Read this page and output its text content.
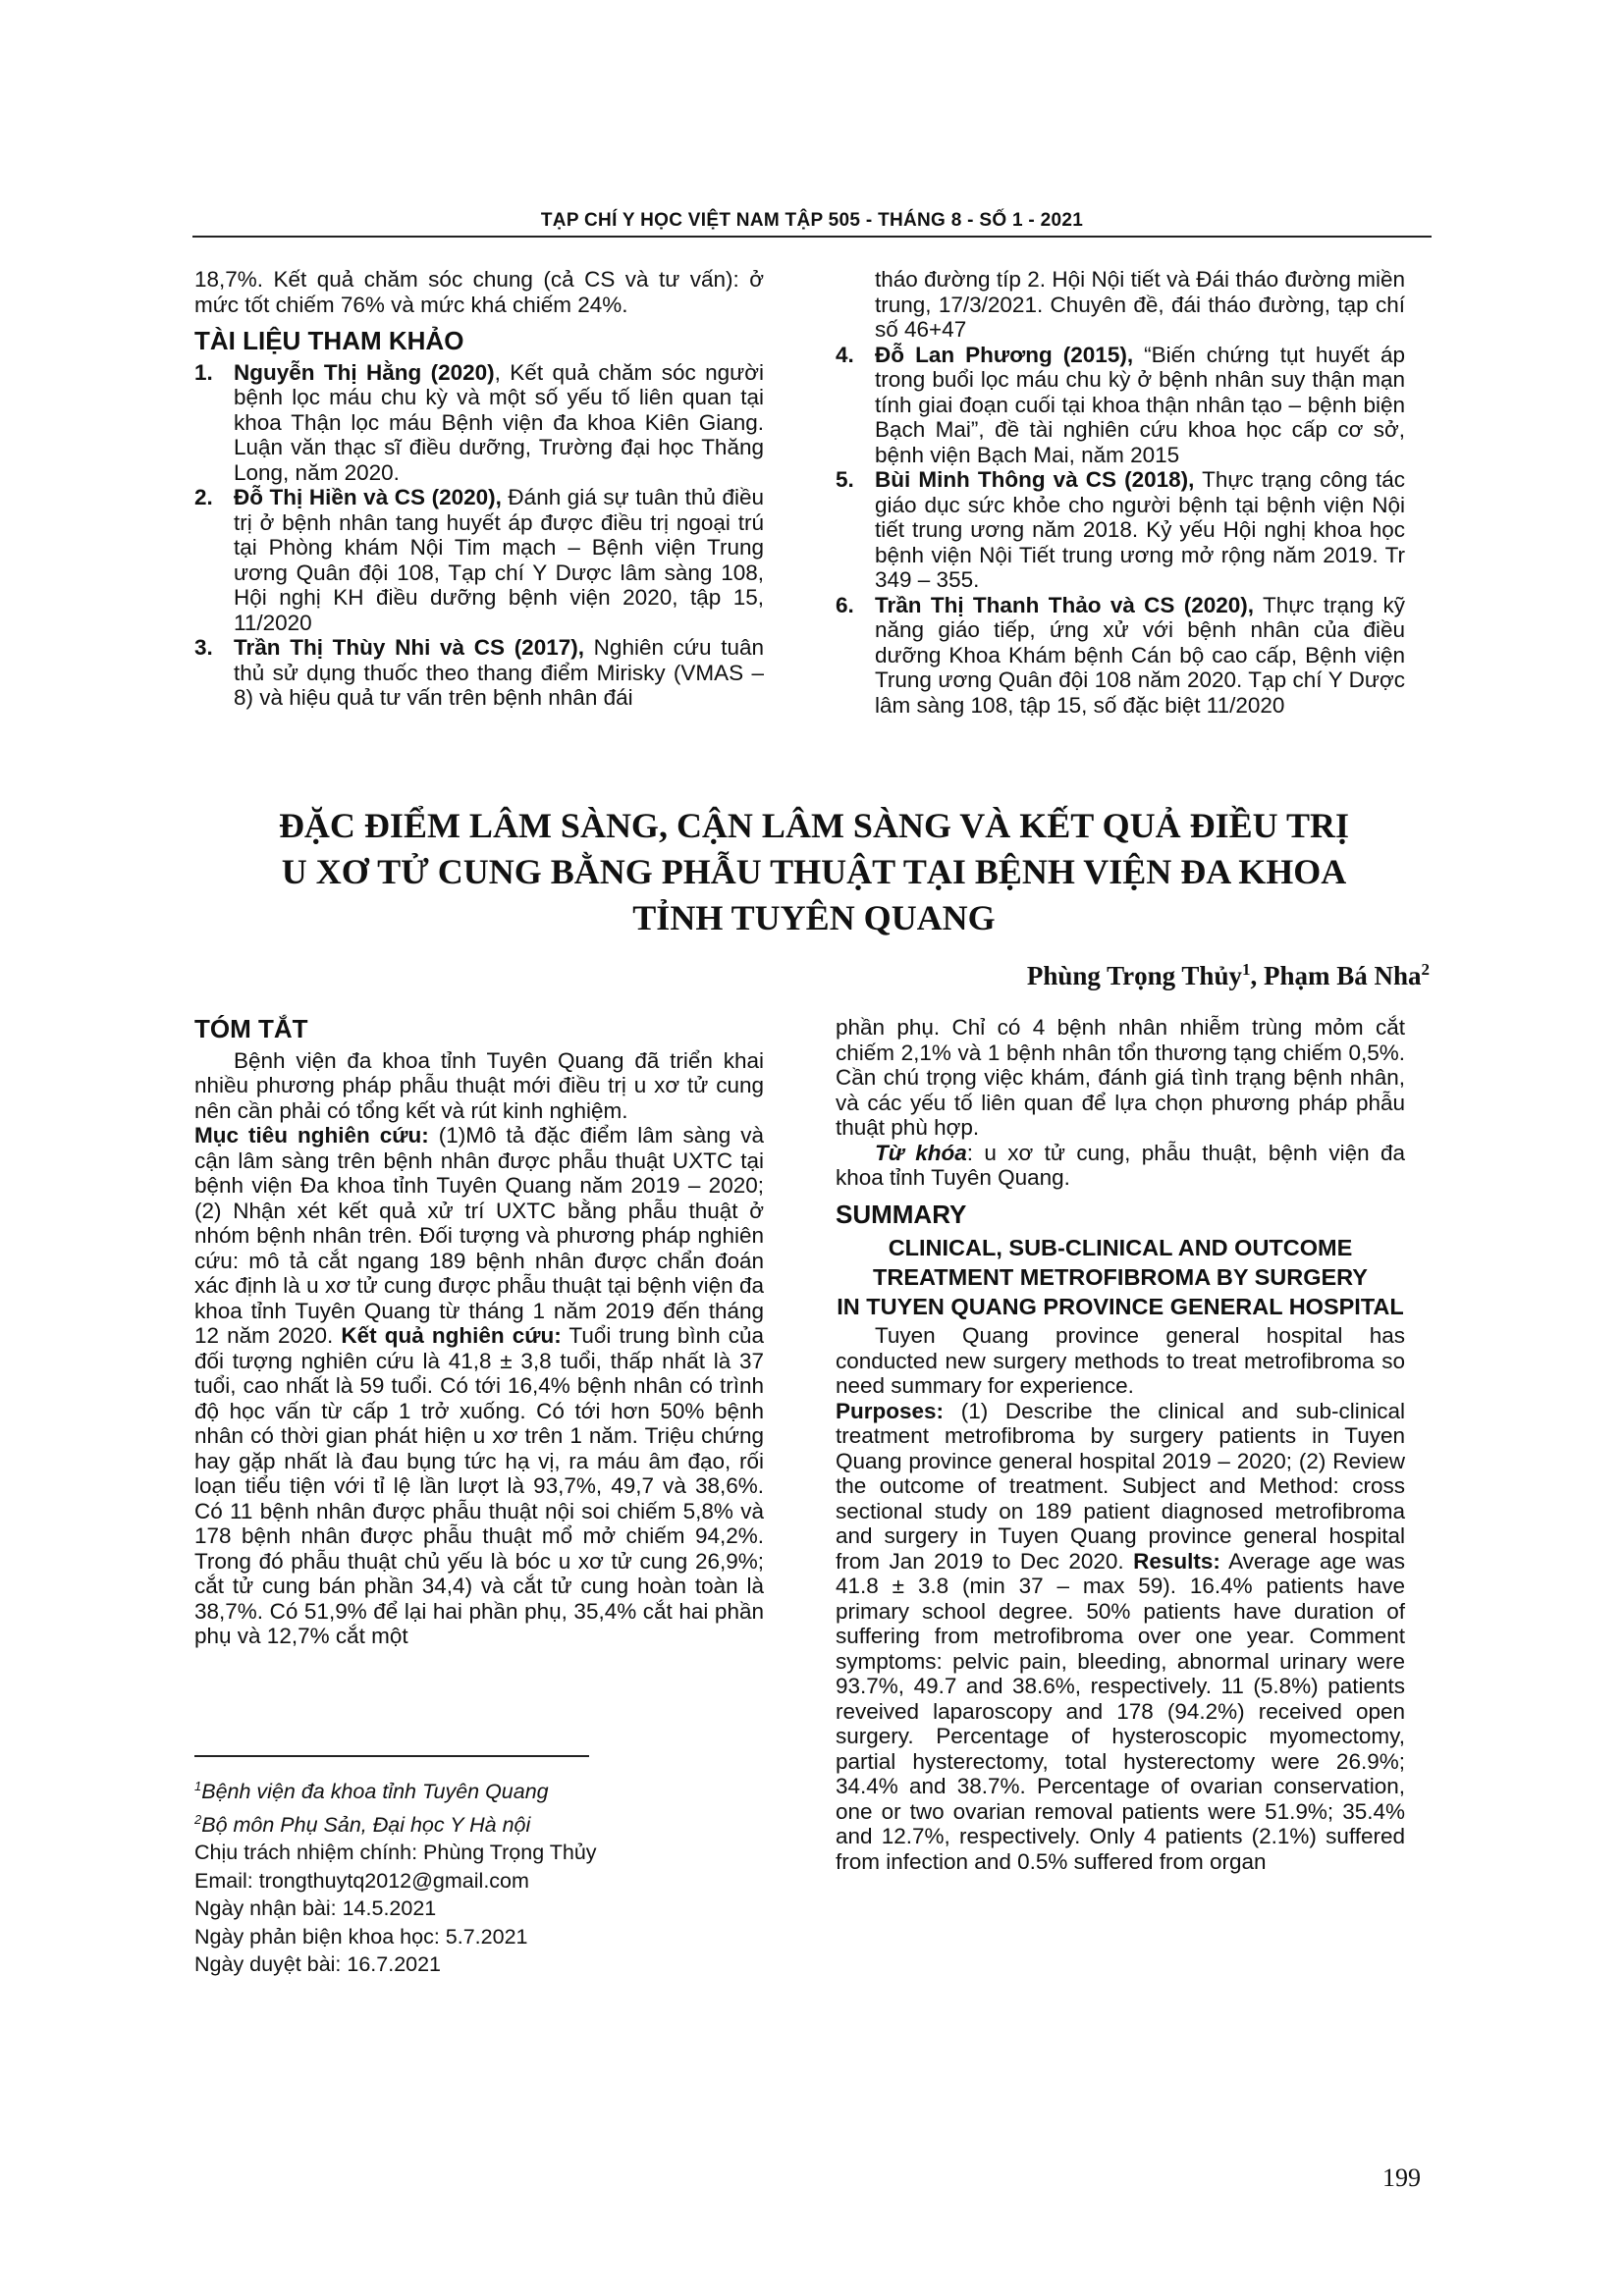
TẠP CHÍ Y HỌC VIỆT NAM TẬP 505 - THÁNG 8 - SỐ 1 - 2021

18,7%. Kết quả chăm sóc chung (cả CS và tư vấn): ở mức tốt chiếm 76% và mức khá chiếm 24%.

TÀI LIỆU THAM KHẢO

1. Nguyễn Thị Hằng (2020), Kết quả chăm sóc người bệnh lọc máu chu kỳ và một số yếu tố liên quan tại khoa Thận lọc máu Bệnh viện đa khoa Kiên Giang. Luận văn thạc sĩ điều dưỡng, Trường đại học Thăng Long, năm 2020.

2. Đỗ Thị Hiền và CS (2020), Đánh giá sự tuân thủ điều trị ở bệnh nhân tang huyết áp được điều trị ngoại trú tại Phòng khám Nội Tim mạch – Bệnh viện Trung ương Quân đội 108, Tạp chí Y Dược lâm sàng 108, Hội nghị KH điều dưỡng bệnh viện 2020, tập 15, 11/2020

3. Trần Thị Thùy Nhi và CS (2017), Nghiên cứu tuân thủ sử dụng thuốc theo thang điểm Mirisky (VMAS – 8) và hiệu quả tư vấn trên bệnh nhân đái

tháo đường típ 2. Hội Nội tiết và Đái tháo đường miền trung, 17/3/2021. Chuyên đề, đái tháo đường, tạp chí số 46+47

4. Đỗ Lan Phương (2015), “Biến chứng tụt huyết áp trong buổi lọc máu chu kỳ ở bệnh nhân suy thận mạn tính giai đoạn cuối tại khoa thận nhân tạo – bệnh biện Bạch Mai”, đề tài nghiên cứu khoa học cấp cơ sở, bệnh viện Bạch Mai, năm 2015

5. Bùi Minh Thông và CS (2018), Thực trạng công tác giáo dục sức khỏe cho người bệnh tại bệnh viện Nội tiết trung ương năm 2018. Kỷ yếu Hội nghị khoa học bệnh viện Nội Tiết trung ương mở rộng năm 2019. Tr 349 – 355.

6. Trần Thị Thanh Thảo và CS (2020), Thực trạng kỹ năng giáo tiếp, ứng xử với bệnh nhân của điều dưỡng Khoa Khám bệnh Cán bộ cao cấp, Bệnh viện Trung ương Quân đội 108 năm 2020. Tạp chí Y Dược lâm sàng 108, tập 15, số đặc biệt 11/2020

ĐẶC ĐIỂM LÂM SÀNG, CẬN LÂM SÀNG VÀ KẾT QUẢ ĐIỀU TRỊ
U XƠ TỬ CUNG BẰNG PHẪU THUẬT TẠI BỆNH VIỆN ĐA KHOA
TỈNH TUYÊN QUANG
Phùng Trọng Thủy$^1$, Phạm Bá Nha$^2$

TÓM TẮT

Bệnh viện đa khoa tỉnh Tuyên Quang đã triển khai nhiều phương pháp phẫu thuật mới điều trị u xơ tử cung nên cần phải có tổng kết và rút kinh nghiệm.

Mục tiêu nghiên cứu: (1)Mô tả đặc điểm lâm sàng và cận lâm sàng trên bệnh nhân được phẫu thuật UXTC tại bệnh viện Đa khoa tỉnh Tuyên Quang năm 2019 – 2020; (2) Nhận xét kết quả xử trí UXTC bằng phẫu thuật ở nhóm bệnh nhân trên. Đối tượng và phương pháp nghiên cứu: mô tả cắt ngang 189 bệnh nhân được chẩn đoán xác định là u xơ tử cung được phẫu thuật tại bệnh viện đa khoa tỉnh Tuyên Quang từ tháng 1 năm 2019 đến tháng 12 năm 2020. Kết quả nghiên cứu: Tuổi trung bình của đối tượng nghiên cứu là 41,8 ± 3,8 tuổi, thấp nhất là 37 tuổi, cao nhất là 59 tuổi. Có tới 16,4% bệnh nhân có trình độ học vấn từ cấp 1 trở xuống. Có tới hơn 50% bệnh nhân có thời gian phát hiện u xơ trên 1 năm. Triệu chứng hay gặp nhất là đau bụng tức hạ vị, ra máu âm đạo, rối loạn tiểu tiện với tỉ lệ lần lượt là 93,7%, 49,7 và 38,6%. Có 11 bệnh nhân được phẫu thuật nội soi chiếm 5,8% và 178 bệnh nhân được phẫu thuật mổ mở chiếm 94,2%. Trong đó phẫu thuật chủ yếu là bóc u xơ tử cung 26,9%; cắt tử cung bán phần 34,4) và cắt tử cung hoàn toàn là 38,7%. Có 51,9% để lại hai phần phụ, 35,4% cắt hai phần phụ và 12,7% cắt một

phần phụ. Chỉ có 4 bệnh nhân nhiễm trùng mỏm cắt chiếm 2,1% và 1 bệnh nhân tổn thương tạng chiếm 0,5%. Cần chú trọng việc khám, đánh giá tình trạng bệnh nhân, và các yếu tố liên quan để lựa chọn phương pháp phẫu thuật phù hợp.

Từ khóa: u xơ tử cung, phẫu thuật, bệnh viện đa khoa tỉnh Tuyên Quang.

SUMMARY

CLINICAL, SUB-CLINICAL AND OUTCOME
TREATMENT METROFIBROMA BY SURGERY
IN TUYEN QUANG PROVINCE GENERAL HOSPITAL

Tuyen Quang province general hospital has conducted new surgery methods to treat metrofibroma so need summary for experience.

Purposes: (1) Describe the clinical and sub-clinical treatment metrofibroma by surgery patients in Tuyen Quang province general hospital 2019 – 2020; (2) Review the outcome of treatment. Subject and Method: cross sectional study on 189 patient diagnosed metrofibroma and surgery in Tuyen Quang province general hospital from Jan 2019 to Dec 2020. Results: Average age was 41.8 ± 3.8 (min 37 – max 59). 16.4% patients have primary school degree. 50% patients have duration of suffering from metrofibroma over one year. Comment symptoms: pelvic pain, bleeding, abnormal urinary were 93.7%, 49.7 and 38.6%, respectively. 11 (5.8%) patients reveived laparoscopy and 178 (94.2%) received open surgery. Percentage of hysteroscopic myomectomy, partial hysterectomy, total hysterectomy were 26.9%; 34.4% and 38.7%. Percentage of ovarian conservation, one or two ovarian removal patients were 51.9%; 35.4% and 12.7%, respectively. Only 4 patients (2.1%) suffered from infection and 0.5% suffered from organ

$^1$Bệnh viện đa khoa tỉnh Tuyên Quang
$^2$Bộ môn Phụ Sản, Đại học Y Hà nội
Chịu trách nhiệm chính: Phùng Trọng Thủy
Email: trongthuytq2012@gmail.com
Ngày nhận bài: 14.5.2021
Ngày phản biện khoa học: 5.7.2021
Ngày duyệt bài: 16.7.2021
199
